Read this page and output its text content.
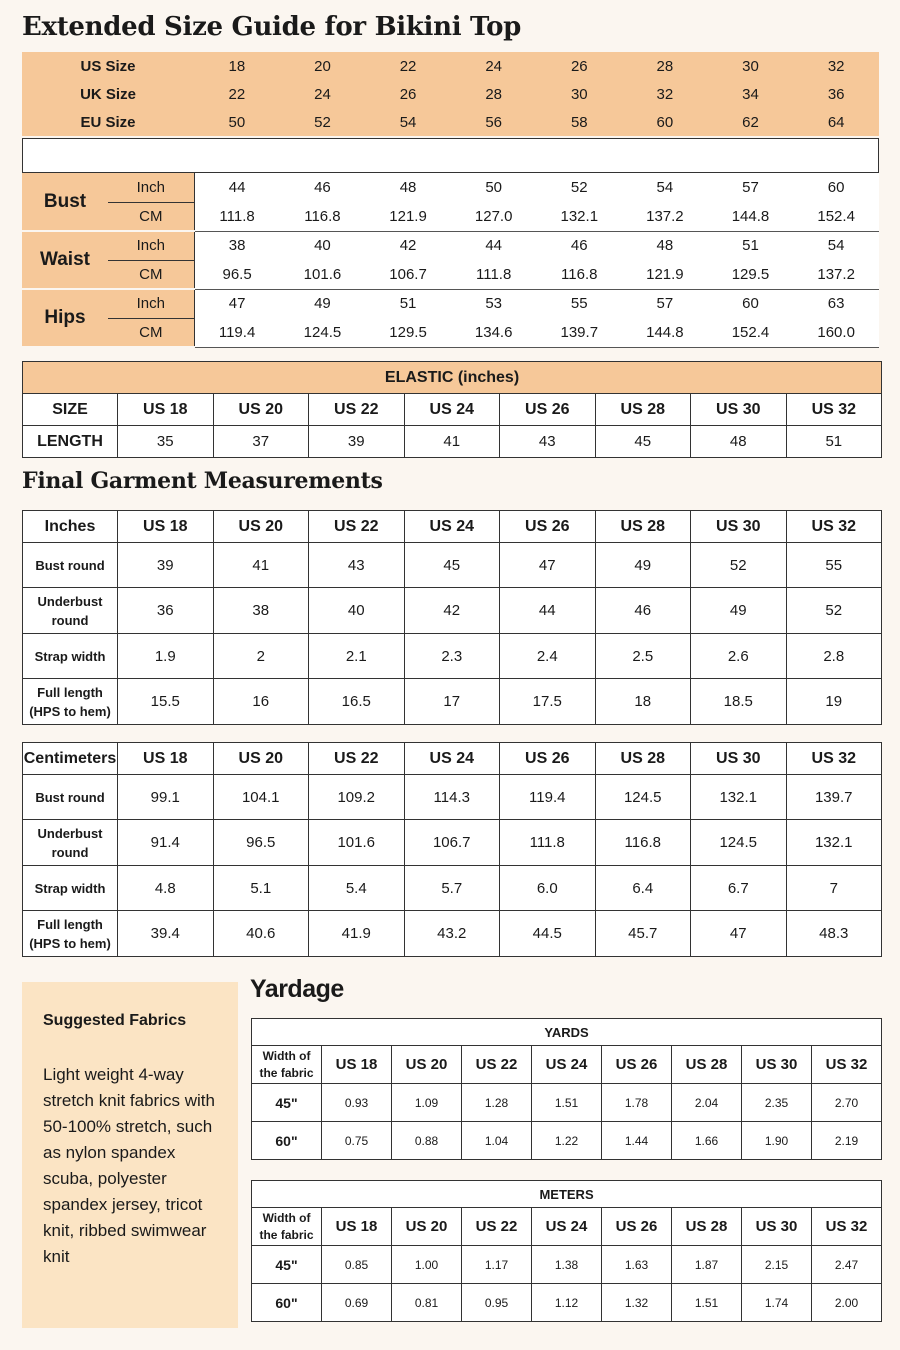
Extended Size Guide for Bikini Top
US Size	18	20	22	24	26	28	30	32
UK Size	22	24	26	28	30	32	34	36
EU Size	50	52	54	56	58	60	62	64
Bust	Inch	44	46	48	50	52	54	57	60
	CM	111.8	116.8	121.9	127.0	132.1	137.2	144.8	152.4
Waist	Inch	38	40	42	44	46	48	51	54
	CM	96.5	101.6	106.7	111.8	116.8	121.9	129.5	137.2
Hips	Inch	47	49	51	53	55	57	60	63
	CM	119.4	124.5	129.5	134.6	139.7	144.8	152.4	160.0
ELASTIC (inches)								
SIZE	US 18	US 20	US 22	US 24	US 26	US 28	US 30	US 32
LENGTH	35	37	39	41	43	45	48	51
Final Garment Measurements
Inches	US 18	US 20	US 22	US 24	US 26	US 28	US 30	US 32
Bust round	39	41	43	45	47	49	52	55
Underbust round	36	38	40	42	44	46	49	52
Strap width	1.9	2	2.1	2.3	2.4	2.5	2.6	2.8
Full length (HPS to hem)	15.5	16	16.5	17	17.5	18	18.5	19
Centimeters	US 18	US 20	US 22	US 24	US 26	US 28	US 30	US 32
Bust round	99.1	104.1	109.2	114.3	119.4	124.5	132.1	139.7
Underbust round	91.4	96.5	101.6	106.7	111.8	116.8	124.5	132.1
Strap width	4.8	5.1	5.4	5.7	6.0	6.4	6.7	7
Full length (HPS to hem)	39.4	40.6	41.9	43.2	44.5	45.7	47	48.3
Suggested Fabrics
Light weight 4-way stretch knit fabrics with 50-100% stretch, such as nylon spandex scuba, polyester spandex jersey, tricot knit, ribbed swimwear knit
Yardage
YARDS								
Width of the fabric	US 18	US 20	US 22	US 24	US 26	US 28	US 30	US 32
45"	0.93	1.09	1.28	1.51	1.78	2.04	2.35	2.70
60"	0.75	0.88	1.04	1.22	1.44	1.66	1.90	2.19
METERS								
Width of the fabric	US 18	US 20	US 22	US 24	US 26	US 28	US 30	US 32
45"	0.85	1.00	1.17	1.38	1.63	1.87	2.15	2.47
60"	0.69	0.81	0.95	1.12	1.32	1.51	1.74	2.00
